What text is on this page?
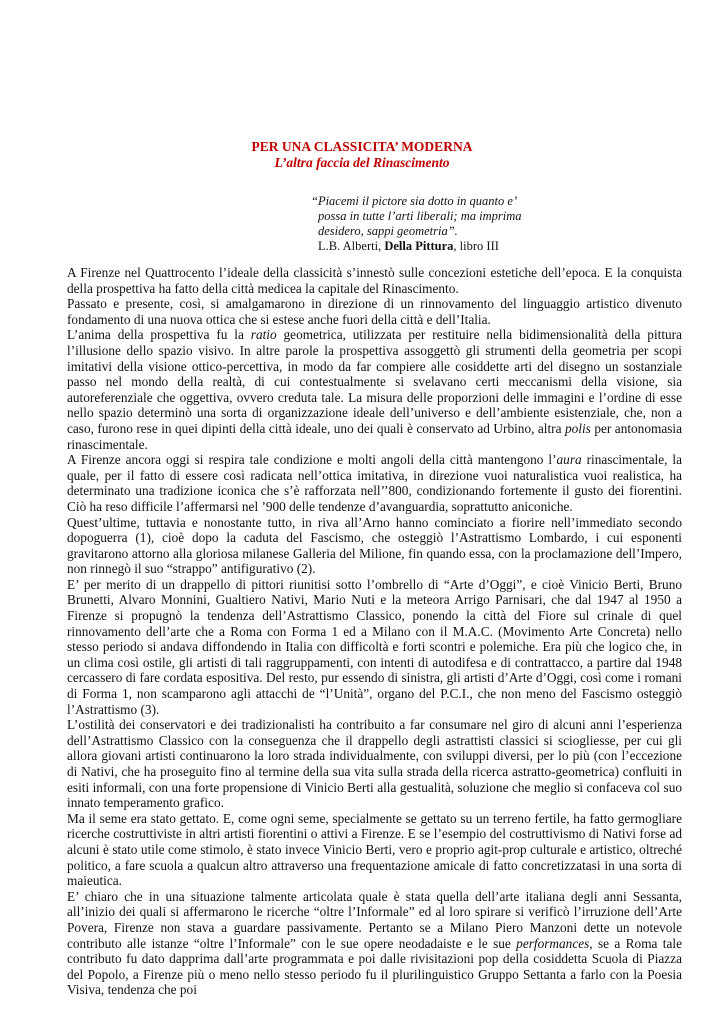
PER UNA CLASSICITA’ MODERNA
L’altra faccia del Rinascimento

“Piacemi il pictore sia dotto in quanto e’

possa in tutte l’arti liberali; ma imprima

desidero, sappi geometria”.

L.B. Alberti, Della Pittura, libro III

A Firenze nel Quattrocento l’ideale della classicità s’innestò sulle concezioni estetiche dell’epoca. E la conquista della prospettiva ha fatto della città medicea la capitale del Rinascimento.

Passato e presente, così, si amalgamarono in direzione di un rinnovamento del linguaggio artistico divenuto fondamento di una nuova ottica che si estese anche fuori della città e dell’Italia.

L’anima della prospettiva fu la ratio geometrica, utilizzata per restituire nella bidimensionalità della pittura l’illusione dello spazio visivo. In altre parole la prospettiva assoggettò gli strumenti della geometria per scopi imitativi della visione ottico-percettiva, in modo da far compiere alle cosiddette arti del disegno un sostanziale passo nel mondo della realtà, di cui contestualmente si svelavano certi meccanismi della visione, sia autoreferenziale che oggettiva, ovvero creduta tale. La misura delle proporzioni delle immagini e l’ordine di esse nello spazio determinò una sorta di organizzazione ideale dell’universo e dell’ambiente esistenziale, che, non a caso, furono rese in quei dipinti della città ideale, uno dei quali è conservato ad Urbino, altra polis per antonomasia rinascimentale.

A Firenze ancora oggi si respira tale condizione e molti angoli della città mantengono l’aura rinascimentale, la quale, per il fatto di essere così radicata nell’ottica imitativa, in direzione vuoi naturalistica vuoi realistica, ha determinato una tradizione iconica che s’è rafforzata nell’’800, condizionando fortemente il gusto dei fiorentini. Ciò ha reso difficile l’affermarsi nel ’900 delle tendenze d’avanguardia, soprattutto aniconiche.

Quest’ultime, tuttavia e nonostante tutto, in riva all’Arno hanno cominciato a fiorire nell’immediato secondo dopoguerra (1), cioè dopo la caduta del Fascismo, che osteggiò l’Astrattismo Lombardo, i cui esponenti gravitarono attorno alla gloriosa milanese Galleria del Milione, fin quando essa, con la proclamazione dell’Impero, non rinnegò il suo “strappo” antifigurativo (2).

E’ per merito di un drappello di pittori riunitisi sotto l’ombrello di “Arte d’Oggi”, e cioè Vinicio Berti, Bruno Brunetti, Alvaro Monnini, Gualtiero Nativi, Mario Nuti e la meteora Arrigo Parnisari, che dal 1947 al 1950 a Firenze si propugnò la tendenza dell’Astrattismo Classico, ponendo la città del Fiore sul crinale di quel rinnovamento dell’arte che a Roma con Forma 1 ed a Milano con il M.A.C. (Movimento Arte Concreta) nello stesso periodo si andava diffondendo in Italia con difficoltà e forti scontri e polemiche. Era più che logico che, in un clima così ostile, gli artisti di tali raggruppamenti, con intenti di autodifesa e di contrattacco, a partire dal 1948 cercassero di fare cordata espositiva. Del resto, pur essendo di sinistra, gli artisti d’Arte d’Oggi, così come i romani di Forma 1, non scamparono agli attacchi de “l’Unità”, organo del P.C.I., che non meno del Fascismo osteggiò l’Astrattismo (3).

L’ostilità dei conservatori e dei tradizionalisti ha contribuito a far consumare nel giro di alcuni anni l’esperienza dell’Astrattismo Classico con la conseguenza che il drappello degli astrattisti classici si sciogliesse, per cui gli allora giovani artisti continuarono la loro strada individualmente, con sviluppi diversi, per lo più (con l’eccezione di Nativi, che ha proseguito fino al termine della sua vita sulla strada della ricerca astratto-geometrica) confluiti in esiti informali, con una forte propensione di Vinicio Berti alla gestualità, soluzione che meglio si confaceva col suo innato temperamento grafico.

Ma il seme era stato gettato. E, come ogni seme, specialmente se gettato su un terreno fertile, ha fatto germogliare ricerche costruttiviste in altri artisti fiorentini o attivi a Firenze. E se l’esempio del costruttivismo di Nativi forse ad alcuni è stato utile come stimolo, è stato invece Vinicio Berti, vero e proprio agit-prop culturale e artistico, oltreché politico, a fare scuola a qualcun altro attraverso una frequentazione amicale di fatto concretizzatasi in una sorta di maieutica.

E’ chiaro che in una situazione talmente articolata quale è stata quella dell’arte italiana degli anni Sessanta, all’inizio dei quali si affermarono le ricerche “oltre l’Informale” ed al loro spirare si verificò l’irruzione dell’Arte Povera, Firenze non stava a guardare passivamente. Pertanto se a Milano Piero Manzoni dette un notevole contributo alle istanze “oltre l’Informale” con le sue opere neodadaiste e le sue performances, se a Roma tale contributo fu dato dapprima dall’arte programmata e poi dalle rivisitazioni pop della cosiddetta Scuola di Piazza del Popolo, a Firenze più o meno nello stesso periodo fu il plurilinguistico Gruppo Settanta a farlo con la Poesia Visiva, tendenza che poi
